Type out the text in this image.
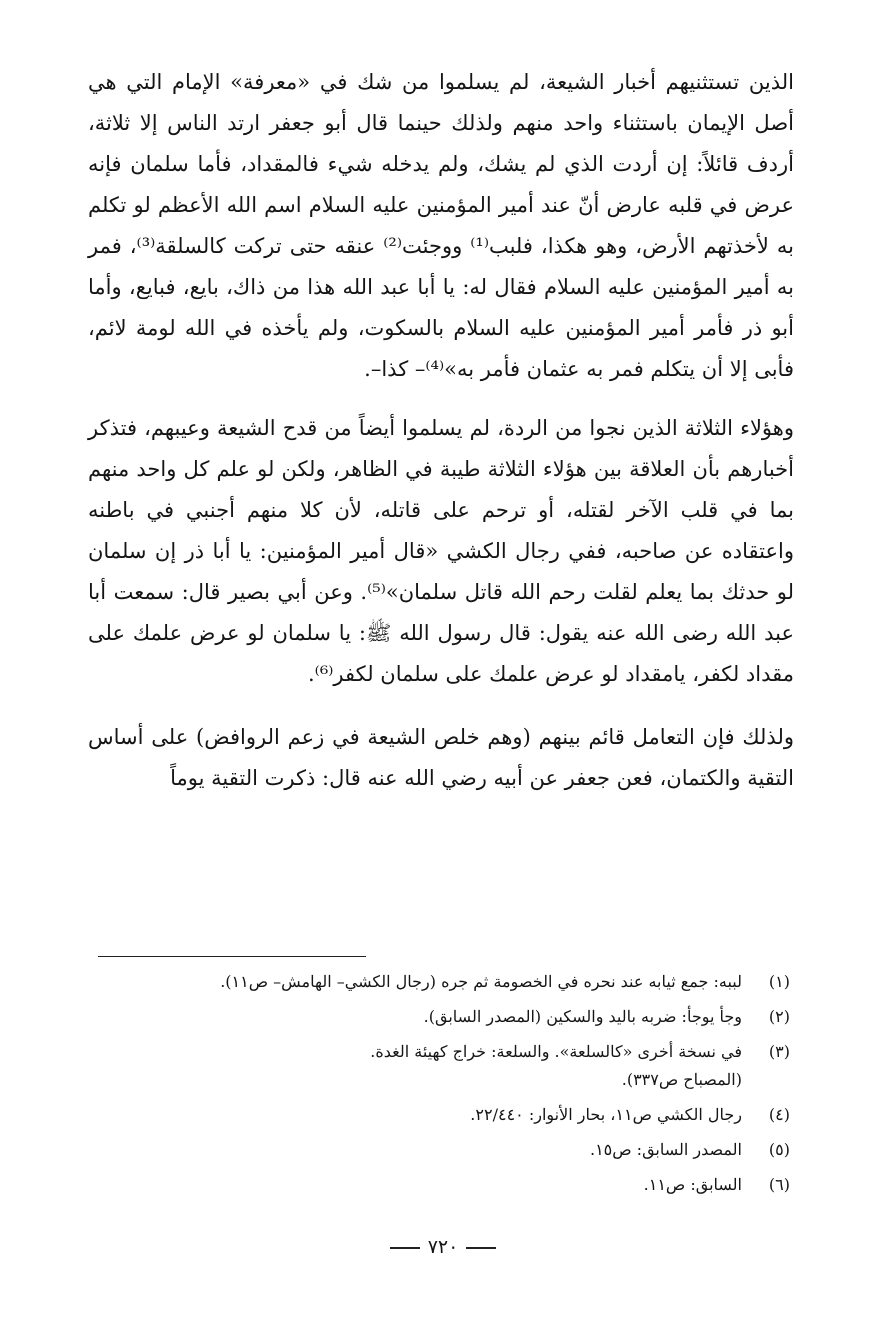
الذين تستثنيهم أخبار الشيعة، لم يسلموا من شك في «معرفة» الإمام التي هي أصل الإيمان باستثناء واحد منهم ولذلك حينما قال أبو جعفر ارتد الناس إلا ثلاثة، أردف قائلاً: إن أردت الذي لم يشك، ولم يدخله شيء فالمقداد، فأما سلمان فإنه عرض في قلبه عارض أنّ عند أمير المؤمنين عليه السلام اسم الله الأعظم لو تكلم به لأخذتهم الأرض، وهو هكذا، فلبب⁽¹⁾ ووجئت⁽²⁾ عنقه حتى تركت كالسلقة⁽³⁾، فمر به أمير المؤمنين عليه السلام فقال له: يا أبا عبد الله هذا من ذاك، بايع، فبايع، وأما أبو ذر فأمر أمير المؤمنين عليه السلام بالسكوت، ولم يأخذه في الله لومة لائم، فأبى إلا أن يتكلم فمر به عثمان فأمر به»⁽⁴⁾– كذا–.

وهؤلاء الثلاثة الذين نجوا من الردة، لم يسلموا أيضاً من قدح الشيعة وعيبهم، فتذكر أخبارهم بأن العلاقة بين هؤلاء الثلاثة طيبة في الظاهر، ولكن لو علم كل واحد منهم بما في قلب الآخر لقتله، أو ترحم على قاتله، لأن كلا منهم أجنبي في باطنه واعتقاده عن صاحبه، ففي رجال الكشي «قال أمير المؤمنين: يا أبا ذر إن سلمان لو حدثك بما يعلم لقلت رحم الله قاتل سلمان»⁽⁵⁾. وعن أبي بصير قال: سمعت أبا عبد الله رضى الله عنه يقول: قال رسول الله ﷺ: يا سلمان لو عرض علمك على مقداد لكفر، يامقداد لو عرض علمك على سلمان لكفر⁽⁶⁾.

ولذلك فإن التعامل قائم بينهم (وهم خلص الشيعة في زعم الروافض) على أساس التقية والكتمان، فعن جعفر عن أبيه رضي الله عنه قال: ذكرت التقية يوماً

(١)
لببه: جمع ثيابه عند نحره في الخصومة ثم جره (رجال الكشي– الهامش– ص١١).
(٢)
وجأ يوجأ: ضربه باليد والسكين (المصدر السابق).
(٣)
في نسخة أخرى «كالسلعة». والسلعة: خراج كهيئة الغدة.
(المصباح ص٣٣٧).
(٤)
رجال الكشي ص١١، بحار الأنوار: ٢٢/٤٤٠.
(٥)
المصدر السابق: ص١٥.
(٦)
السابق: ص١١.
٧٢٠
